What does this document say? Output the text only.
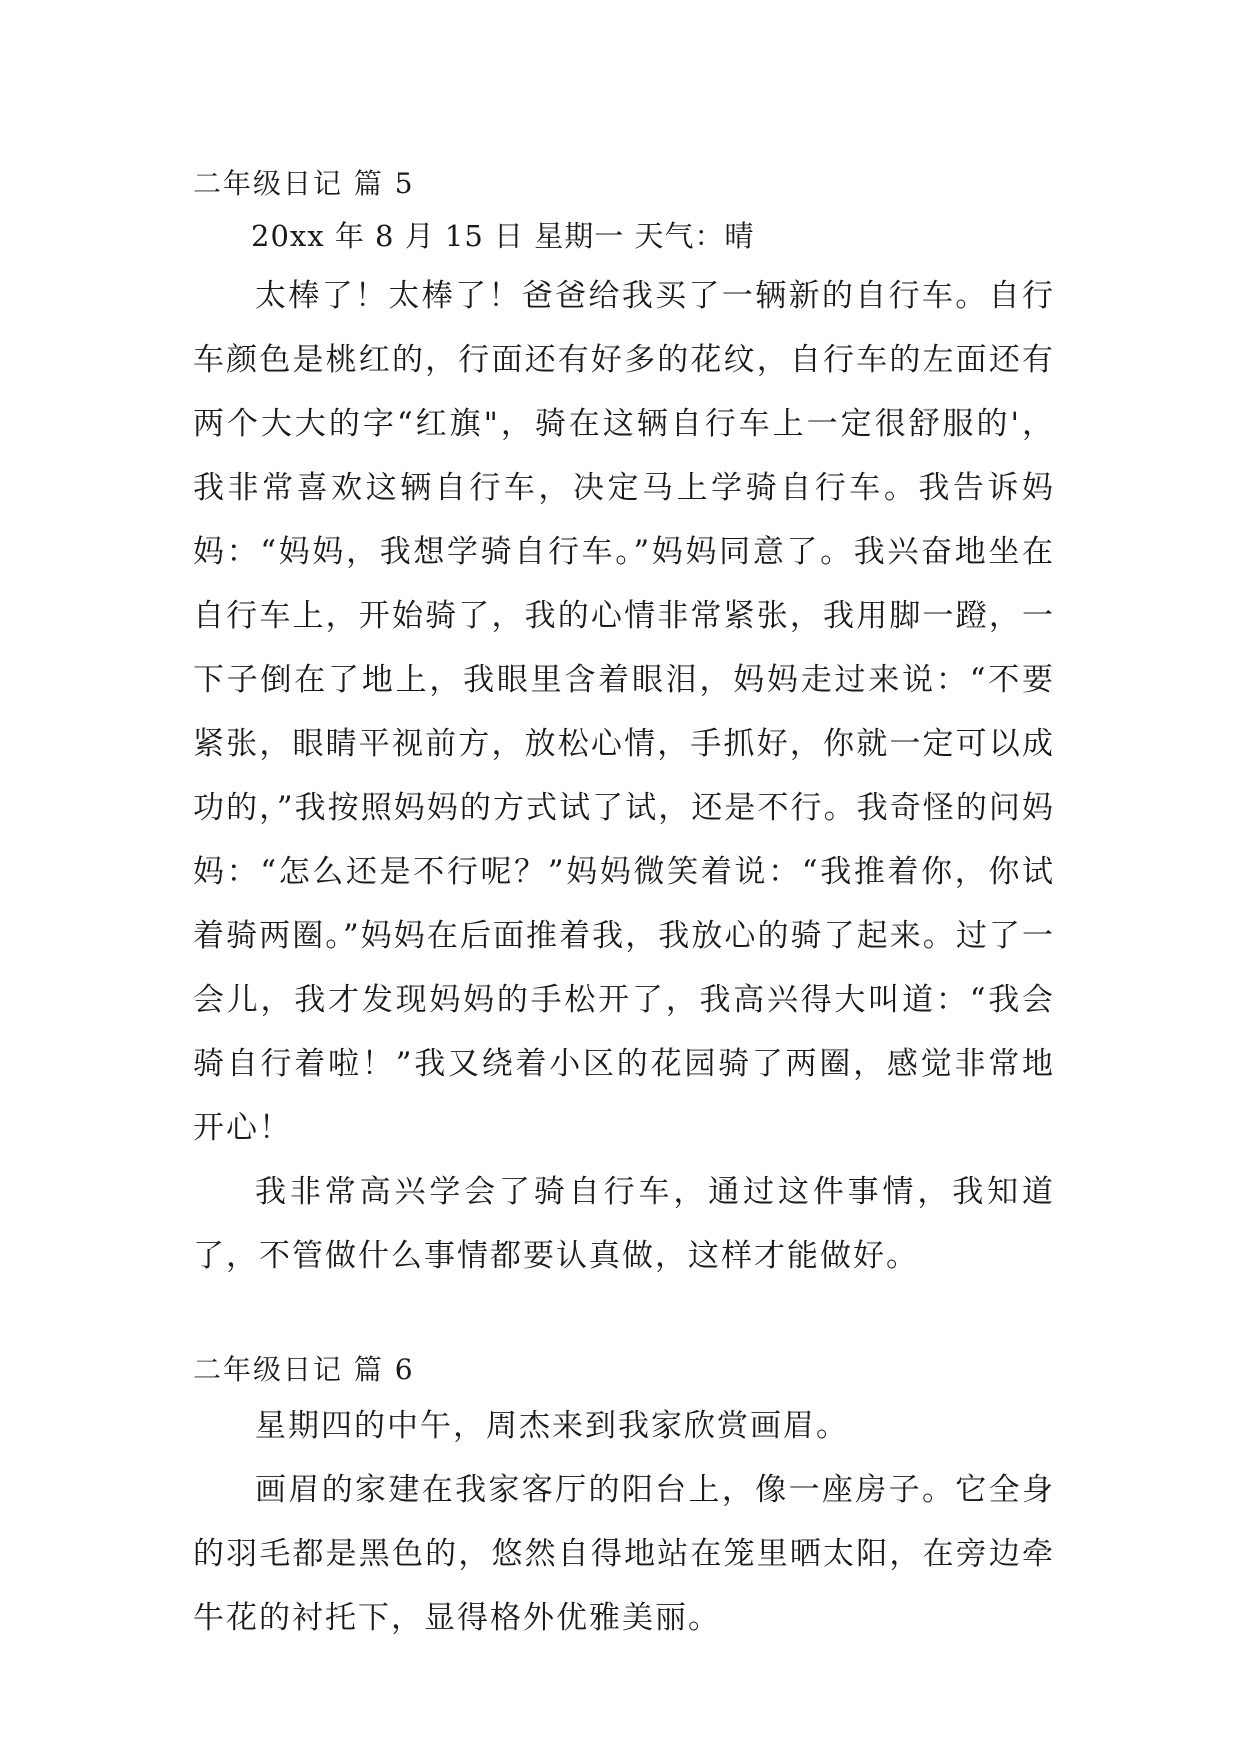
二年级日记 篇 5

20xx 年 8 月 15 日 星期一 天气：晴

太棒了！太棒了！爸爸给我买了一辆新的自行车。自行车颜色是桃红的，行面还有好多的花纹，自行车的左面还有两个大大的字“红旗"，骑在这辆自行车上一定很舒服的'，我非常喜欢这辆自行车，决定马上学骑自行车。我告诉妈妈：“妈妈，我想学骑自行车。”妈妈同意了。我兴奋地坐在自行车上，开始骑了，我的心情非常紧张，我用脚一蹬，一下子倒在了地上，我眼里含着眼泪，妈妈走过来说：“不要紧张，眼睛平视前方，放松心情，手抓好，你就一定可以成功的，”我按照妈妈的方式试了试，还是不行。我奇怪的问妈妈：“怎么还是不行呢？”妈妈微笑着说：“我推着你，你试着骑两圈。”妈妈在后面推着我，我放心的骑了起来。过了一会儿，我才发现妈妈的手松开了，我高兴得大叫道：“我会骑自行着啦！”我又绕着小区的花园骑了两圈，感觉非常地开心！

我非常高兴学会了骑自行车，通过这件事情，我知道了，不管做什么事情都要认真做，这样才能做好。

二年级日记 篇 6

星期四的中午，周杰来到我家欣赏画眉。

画眉的家建在我家客厅的阳台上，像一座房子。它全身的羽毛都是黑色的，悠然自得地站在笼里晒太阳，在旁边牵牛花的衬托下，显得格外优雅美丽。
